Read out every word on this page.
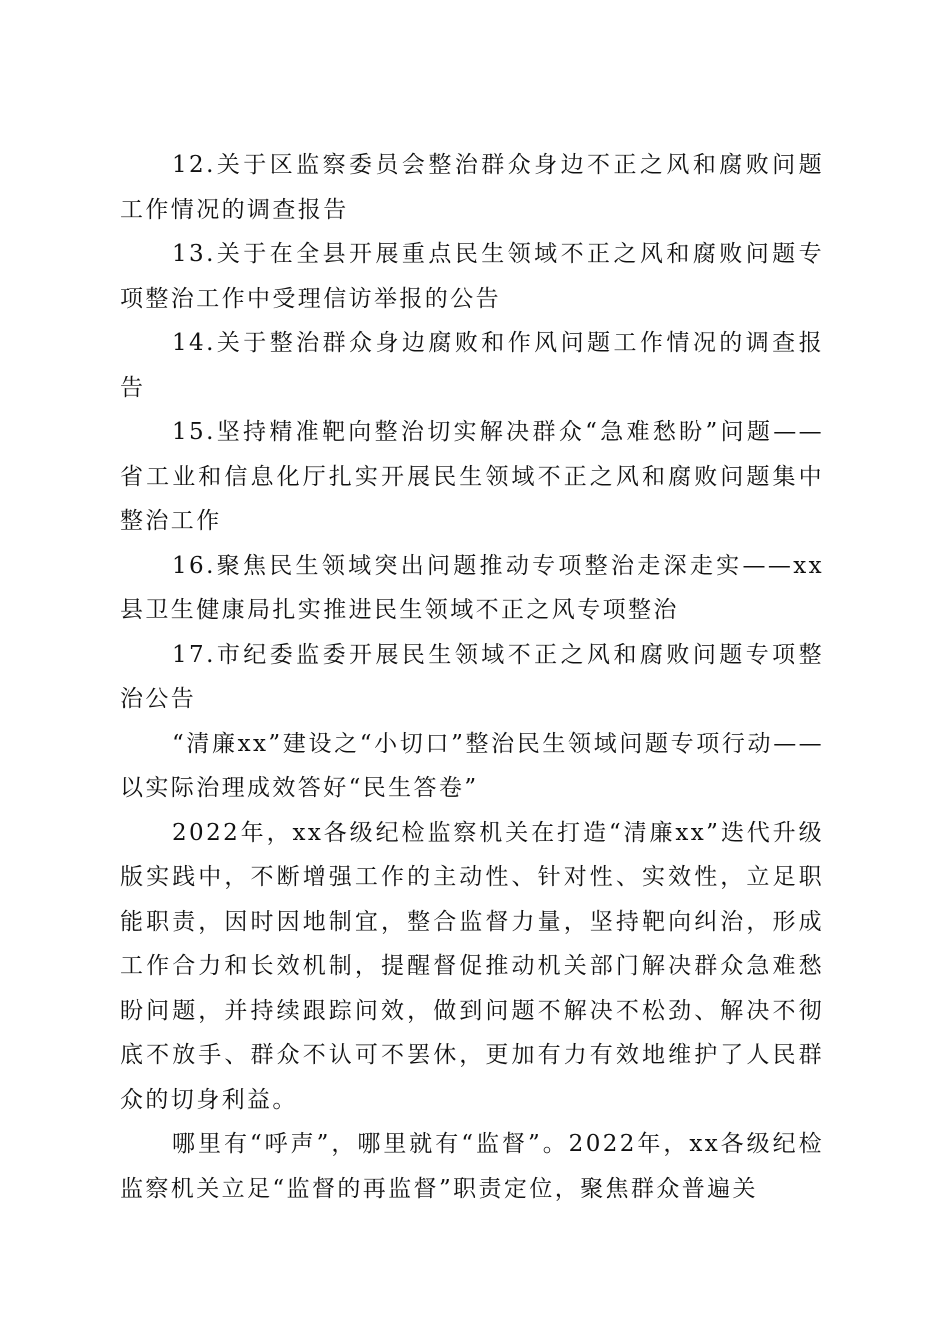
12.关于区监察委员会整治群众身边不正之风和腐败问题工作情况的调查报告

13.关于在全县开展重点民生领域不正之风和腐败问题专项整治工作中受理信访举报的公告

14.关于整治群众身边腐败和作风问题工作情况的调查报告

15.坚持精准靶向整治切实解决群众“急难愁盼”问题——省工业和信息化厅扎实开展民生领域不正之风和腐败问题集中整治工作

16.聚焦民生领域突出问题推动专项整治走深走实——xx县卫生健康局扎实推进民生领域不正之风专项整治

17.市纪委监委开展民生领域不正之风和腐败问题专项整治公告

“清廉xx”建设之“小切口”整治民生领域问题专项行动——以实际治理成效答好“民生答卷”

2022年，xx各级纪检监察机关在打造“清廉xx”迭代升级版实践中，不断增强工作的主动性、针对性、实效性，立足职能职责，因时因地制宜，整合监督力量，坚持靶向纠治，形成工作合力和长效机制，提醒督促推动机关部门解决群众急难愁盼问题，并持续跟踪问效，做到问题不解决不松劲、解决不彻底不放手、群众不认可不罢休，更加有力有效地维护了人民群众的切身利益。

哪里有“呼声”，哪里就有“监督”。2022年，xx各级纪检监察机关立足“监督的再监督”职责定位，聚焦群众普遍关
